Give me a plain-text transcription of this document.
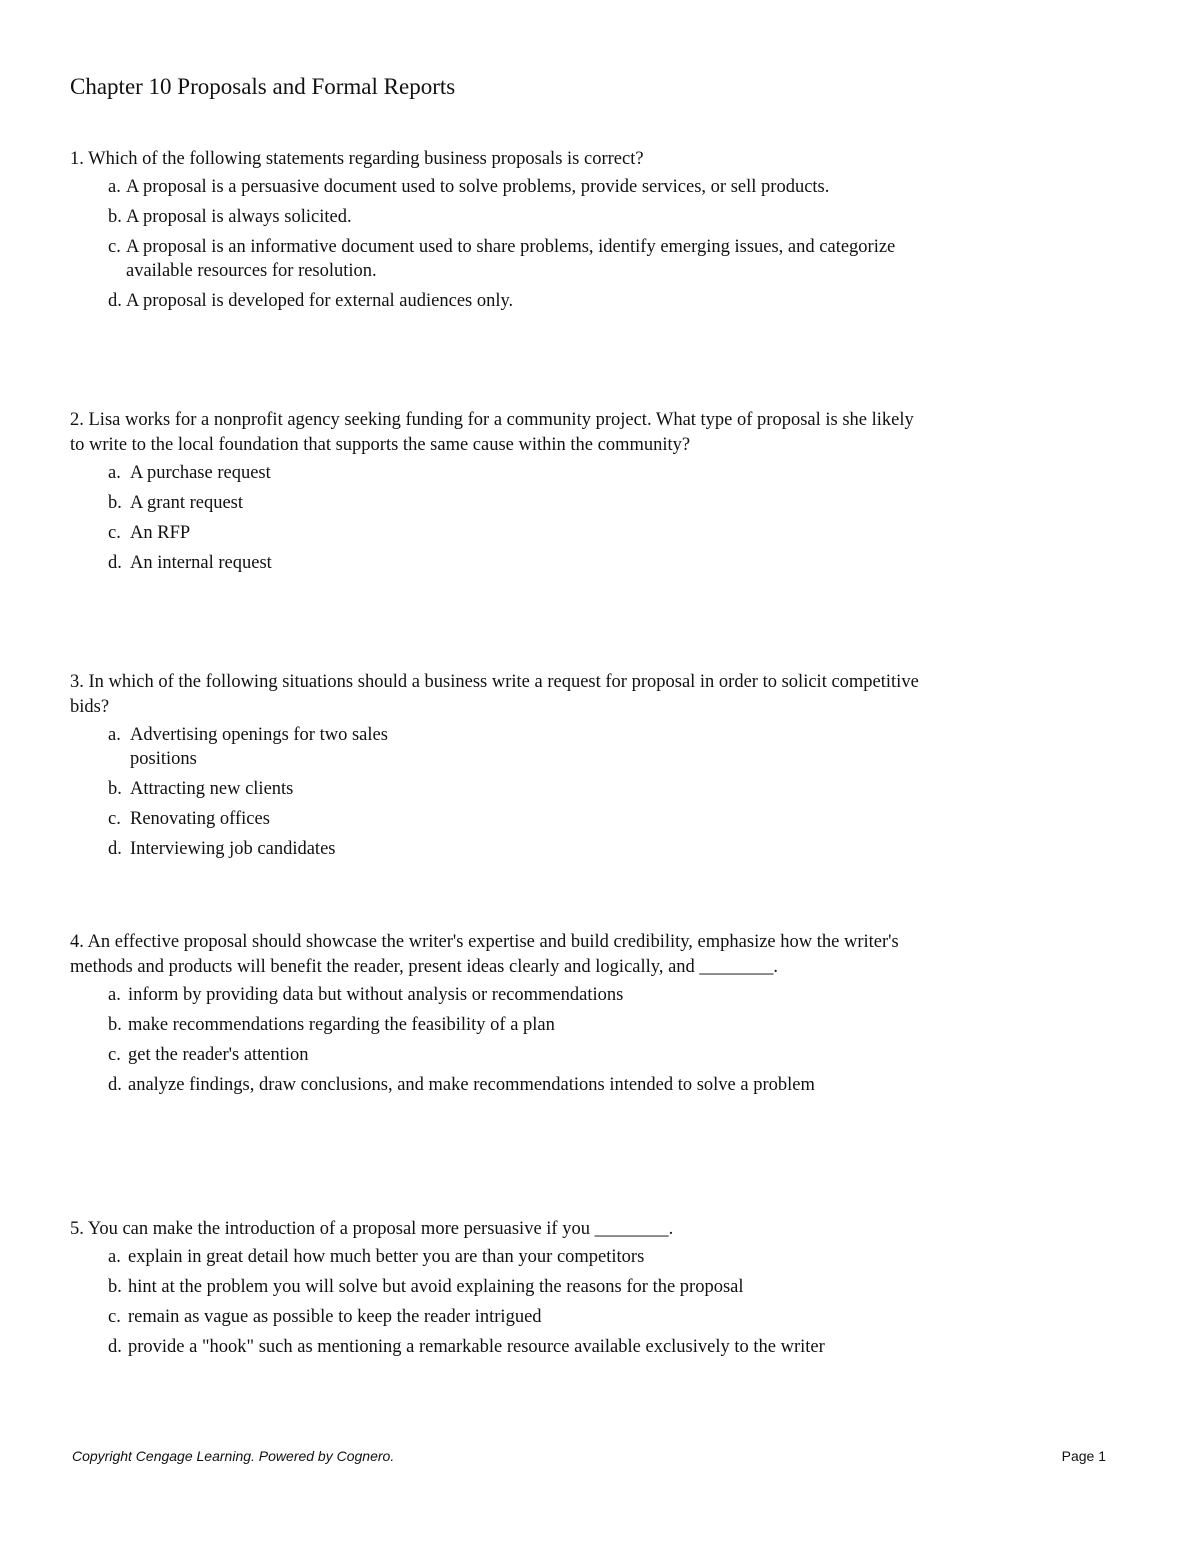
Chapter 10 Proposals and Formal Reports
1. Which of the following statements regarding business proposals is correct?
a. A proposal is a persuasive document used to solve problems, provide services, or sell products.
b. A proposal is always solicited.
c. A proposal is an informative document used to share problems, identify emerging issues, and categorize available resources for resolution.
d. A proposal is developed for external audiences only.
2. Lisa works for a nonprofit agency seeking funding for a community project. What type of proposal is she likely to write to the local foundation that supports the same cause within the community?
a. A purchase request
b. A grant request
c. An RFP
d. An internal request
3. In which of the following situations should a business write a request for proposal in order to solicit competitive bids?
a. Advertising openings for two sales positions
b. Attracting new clients
c. Renovating offices
d. Interviewing job candidates
4. An effective proposal should showcase the writer's expertise and build credibility, emphasize how the writer's methods and products will benefit the reader, present ideas clearly and logically, and ________.
a. inform by providing data but without analysis or recommendations
b. make recommendations regarding the feasibility of a plan
c. get the reader's attention
d. analyze findings, draw conclusions, and make recommendations intended to solve a problem
5. You can make the introduction of a proposal more persuasive if you ________.
a. explain in great detail how much better you are than your competitors
b. hint at the problem you will solve but avoid explaining the reasons for the proposal
c. remain as vague as possible to keep the reader intrigued
d. provide a "hook" such as mentioning a remarkable resource available exclusively to the writer
Copyright Cengage Learning. Powered by Cognero.	Page 1
